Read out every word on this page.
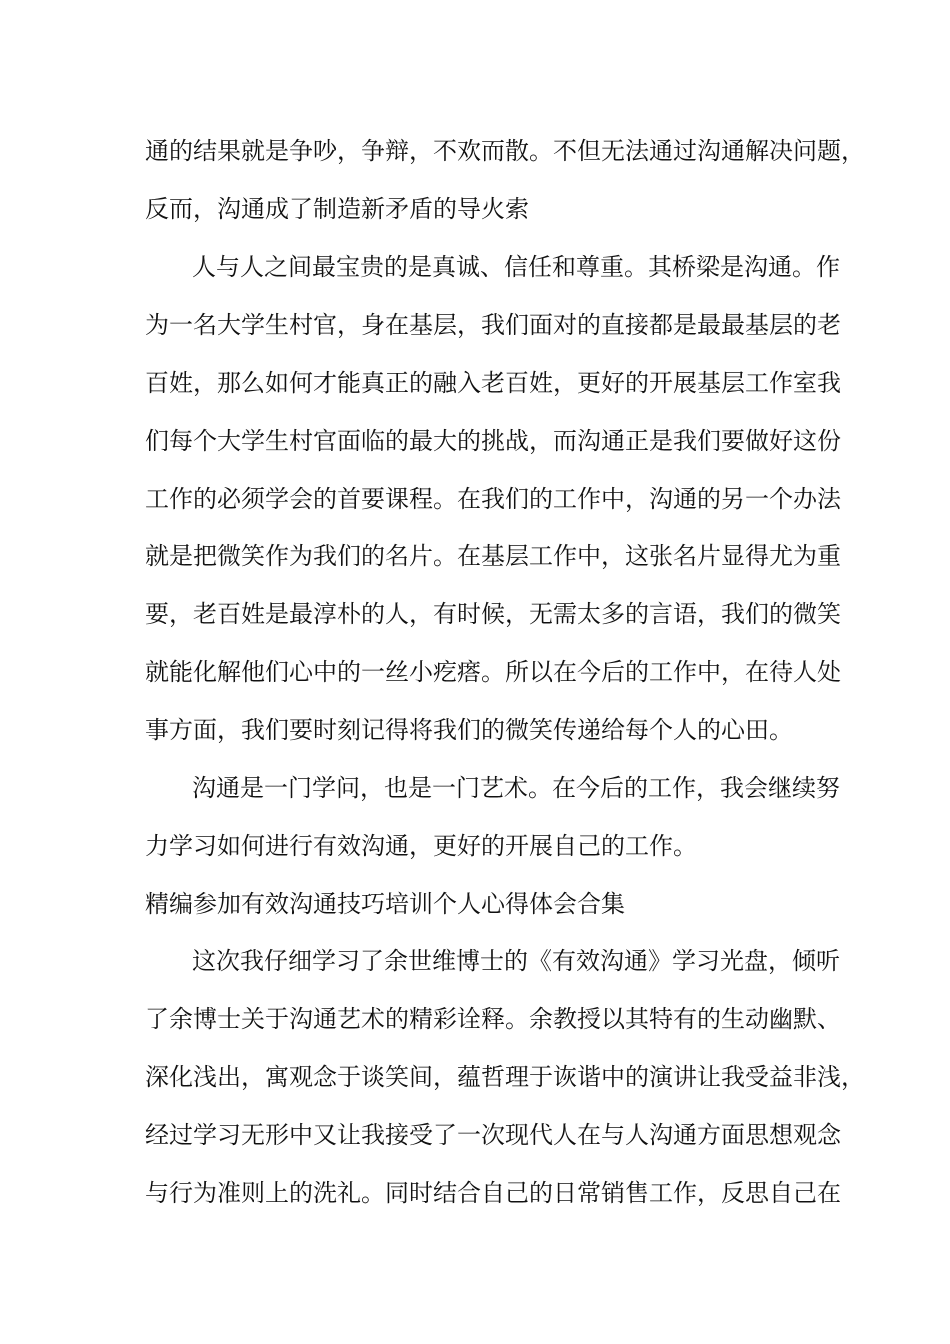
通的结果就是争吵，争辩，不欢而散。不但无法通过沟通解决问题，
反而，沟通成了制造新矛盾的导火索
人与人之间最宝贵的是真诚、信任和尊重。其桥梁是沟通。作
为一名大学生村官，身在基层，我们面对的直接都是最最基层的老
百姓，那么如何才能真正的融入老百姓，更好的开展基层工作室我
们每个大学生村官面临的最大的挑战，而沟通正是我们要做好这份
工作的必须学会的首要课程。在我们的工作中，沟通的另一个办法
就是把微笑作为我们的名片。在基层工作中，这张名片显得尤为重
要，老百姓是最淳朴的人，有时候，无需太多的言语，我们的微笑
就能化解他们心中的一丝小疙瘩。所以在今后的工作中，在待人处
事方面，我们要时刻记得将我们的微笑传递给每个人的心田。
沟通是一门学问，也是一门艺术。在今后的工作，我会继续努
力学习如何进行有效沟通，更好的开展自己的工作。
精编参加有效沟通技巧培训个人心得体会合集
这次我仔细学习了余世维博士的《有效沟通》学习光盘，倾听
了余博士关于沟通艺术的精彩诠释。余教授以其特有的生动幽默、
深化浅出，寓观念于谈笑间，蕴哲理于诙谐中的演讲让我受益非浅，
经过学习无形中又让我接受了一次现代人在与人沟通方面思想观念
与行为准则上的洗礼。同时结合自己的日常销售工作，反思自己在
